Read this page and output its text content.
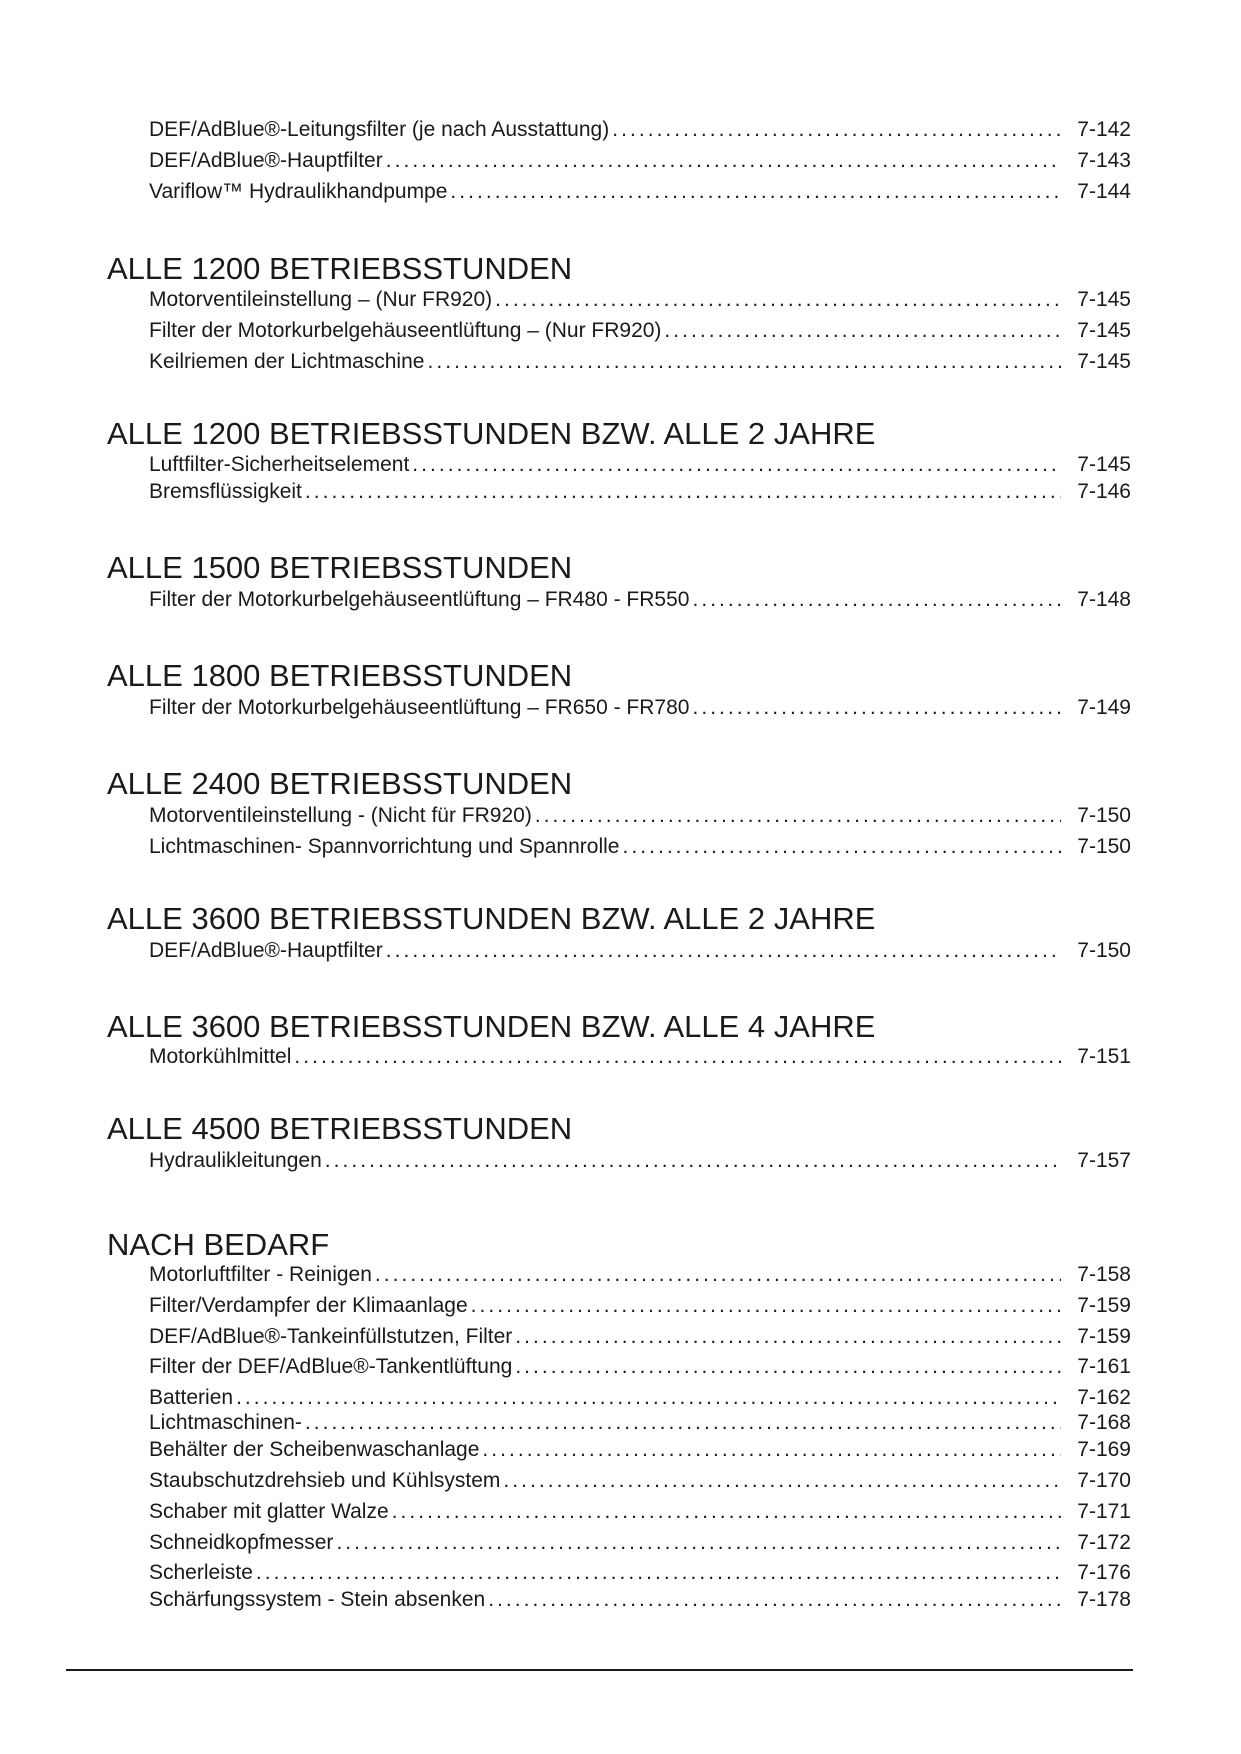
DEF/AdBlue®-Leitungsfilter (je nach Ausstattung) . . .	7-142
DEF/AdBlue®-Hauptfilter . . .	7-143
Variflow™ Hydraulikhandpumpe . . .	7-144
ALLE 1200 BETRIEBSSTUNDEN
Motorventileinstellung – (Nur FR920) . . .	7-145
Filter der Motorkurbelgehäuseentlüftung – (Nur FR920) . . .	7-145
Keilriemen der Lichtmaschine . . .	7-145
ALLE 1200 BETRIEBSSTUNDEN BZW. ALLE 2 JAHRE
Luftfilter-Sicherheitselement . . .	7-145
Bremsflüssigkeit . . .	7-146
ALLE 1500 BETRIEBSSTUNDEN
Filter der Motorkurbelgehäuseentlüftung – FR480 - FR550 . . .	7-148
ALLE 1800 BETRIEBSSTUNDEN
Filter der Motorkurbelgehäuseentlüftung – FR650 - FR780 . . .	7-149
ALLE 2400 BETRIEBSSTUNDEN
Motorventileinstellung - (Nicht für FR920) . . .	7-150
Lichtmaschinen- Spannvorrichtung und Spannrolle . . .	7-150
ALLE 3600 BETRIEBSSTUNDEN BZW. ALLE 2 JAHRE
DEF/AdBlue®-Hauptfilter . . .	7-150
ALLE 3600 BETRIEBSSTUNDEN BZW. ALLE 4 JAHRE
Motorkühlmittel . . .	7-151
ALLE 4500 BETRIEBSSTUNDEN
Hydraulikleitungen . . .	7-157
NACH BEDARF
Motorluftfilter - Reinigen . . .	7-158
Filter/Verdampfer der Klimaanlage . . .	7-159
DEF/AdBlue®-Tankeinfüllstutzen, Filter . . .	7-159
Filter der DEF/AdBlue®-Tankentlüftung . . .	7-161
Batterien . . .	7-162
Lichtmaschinen- . . .	7-168
Behälter der Scheibenwaschanlage . . .	7-169
Staubschutzdrehsieb und Kühlsystem . . .	7-170
Schaber mit glatter Walze . . .	7-171
Schneidkopfmesser . . .	7-172
Scherleiste . . .	7-176
Schärfungssystem - Stein absenken . . .	7-178
